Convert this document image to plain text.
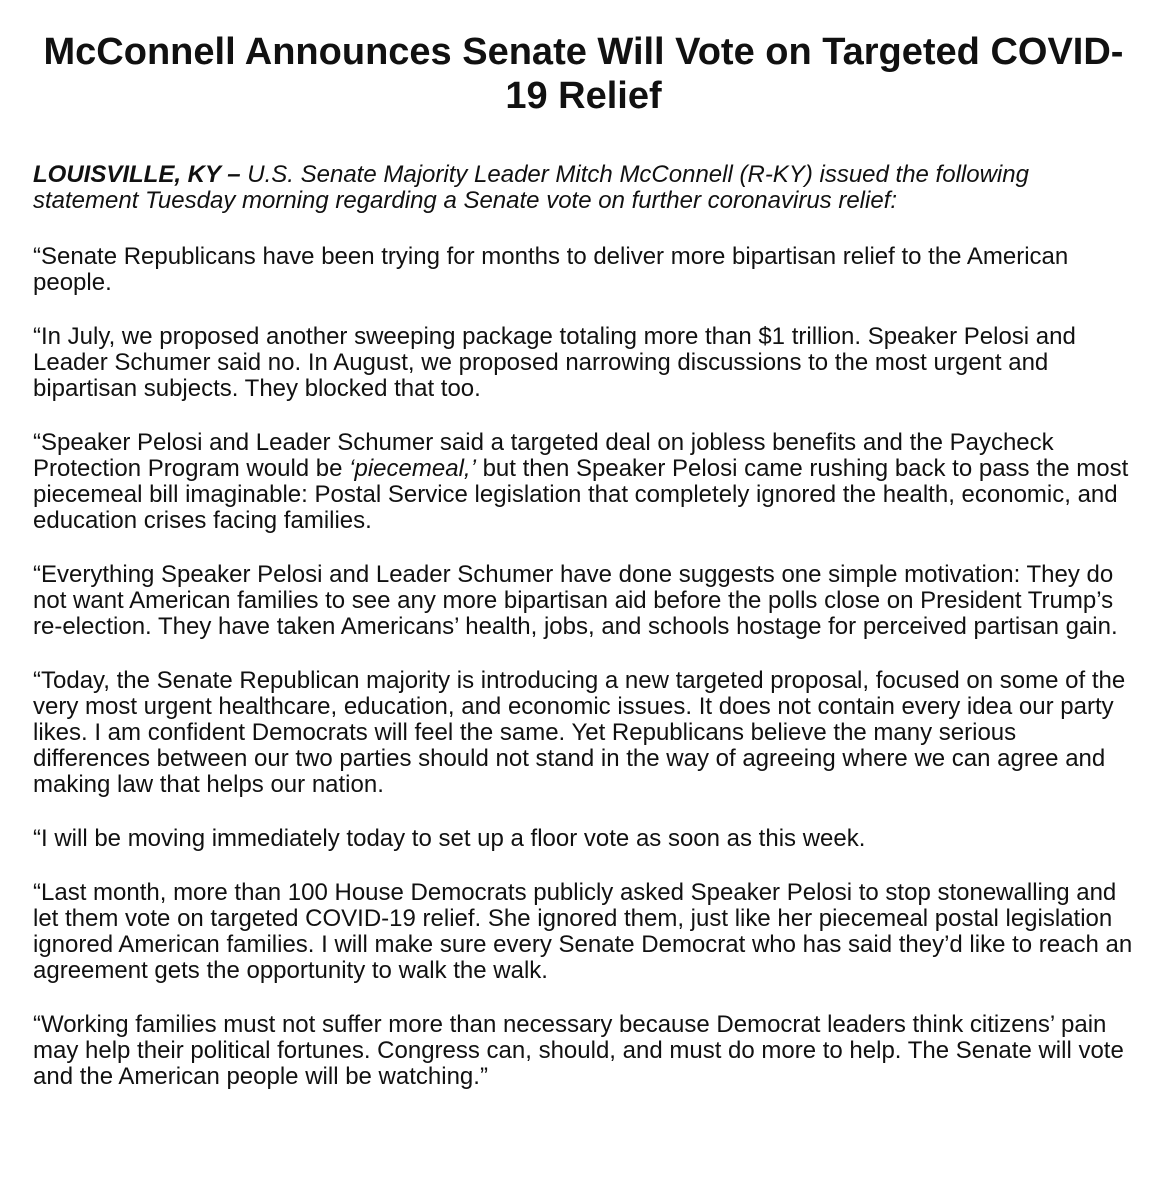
McConnell Announces Senate Will Vote on Targeted COVID-19 Relief

LOUISVILLE, KY – U.S. Senate Majority Leader Mitch McConnell (R-KY) issued the following statement Tuesday morning regarding a Senate vote on further coronavirus relief:

“Senate Republicans have been trying for months to deliver more bipartisan relief to the American people.

“In July, we proposed another sweeping package totaling more than $1 trillion. Speaker Pelosi and Leader Schumer said no. In August, we proposed narrowing discussions to the most urgent and bipartisan subjects. They blocked that too.

“Speaker Pelosi and Leader Schumer said a targeted deal on jobless benefits and the Paycheck Protection Program would be ‘piecemeal,’ but then Speaker Pelosi came rushing back to pass the most piecemeal bill imaginable: Postal Service legislation that completely ignored the health, economic, and education crises facing families.

“Everything Speaker Pelosi and Leader Schumer have done suggests one simple motivation: They do not want American families to see any more bipartisan aid before the polls close on President Trump’s re-election. They have taken Americans’ health, jobs, and schools hostage for perceived partisan gain.

“Today, the Senate Republican majority is introducing a new targeted proposal, focused on some of the very most urgent healthcare, education, and economic issues. It does not contain every idea our party likes. I am confident Democrats will feel the same. Yet Republicans believe the many serious differences between our two parties should not stand in the way of agreeing where we can agree and making law that helps our nation.

“I will be moving immediately today to set up a floor vote as soon as this week.

“Last month, more than 100 House Democrats publicly asked Speaker Pelosi to stop stonewalling and let them vote on targeted COVID-19 relief. She ignored them, just like her piecemeal postal legislation ignored American families. I will make sure every Senate Democrat who has said they’d like to reach an agreement gets the opportunity to walk the walk.

“Working families must not suffer more than necessary because Democrat leaders think citizens’ pain may help their political fortunes. Congress can, should, and must do more to help. The Senate will vote and the American people will be watching.”
